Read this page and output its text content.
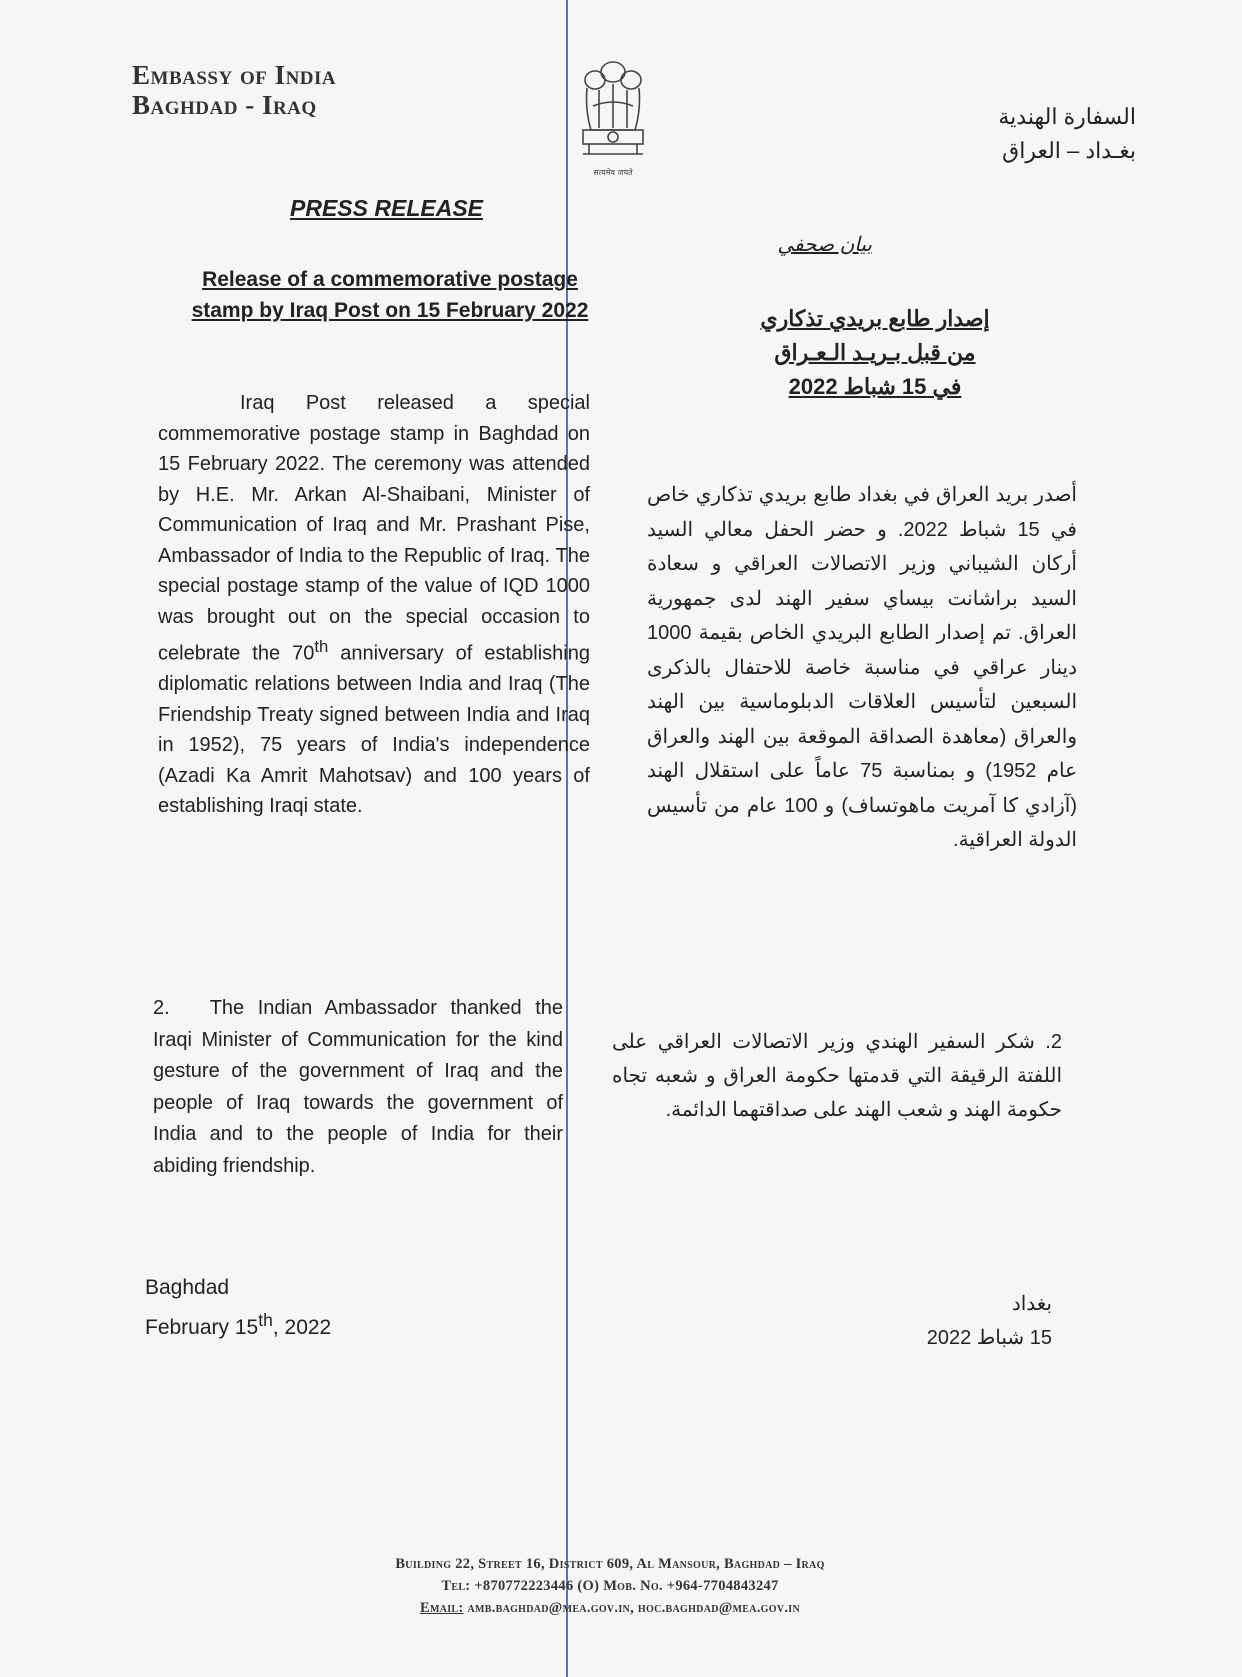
Embassy of India
Baghdad - Iraq
सत्यमेव जयते
السفارة الهندية
بغـداد – العراق
PRESS RELEASE
Release of a commemorative postage stamp by Iraq Post on 15 February 2022
Iraq Post released a special commemorative postage stamp in Baghdad on 15 February 2022. The ceremony was attended by H.E. Mr. Arkan Al-Shaibani, Minister of Communication of Iraq and Mr. Prashant Pise, Ambassador of India to the Republic of Iraq. The special postage stamp of the value of IQD 1000 was brought out on the special occasion to celebrate the 70th anniversary of establishing diplomatic relations between India and Iraq (The Friendship Treaty signed between India and Iraq in 1952), 75 years of India's independence (Azadi Ka Amrit Mahotsav) and 100 years of establishing Iraqi state.
2. The Indian Ambassador thanked the Iraqi Minister of Communication for the kind gesture of the government of Iraq and the people of Iraq towards the government of India and to the people of India for their abiding friendship.
Baghdad
February 15th, 2022
بيان صحفي
إصدار طابع بريدي تذكاري
من قبل بـريـد الـعـراق
في 15 شباط 2022
أصدر بريد العراق في بغداد طابع بريدي تذكاري خاص في 15 شباط 2022. و حضر الحفل معالي السيد أركان الشيباني وزير الاتصالات العراقي و سعادة السيد براشانت بيساي سفير الهند لدى جمهورية العراق. تم إصدار الطابع البريدي الخاص بقيمة 1000 دينار عراقي في مناسبة خاصة للاحتفال بالذكرى السبعين لتأسيس العلاقات الدبلوماسية بين الهند والعراق (معاهدة الصداقة الموقعة بين الهند والعراق عام 1952) و بمناسبة 75 عاماً على استقلال الهند (آزادي كا آمريت ماهوتساف) و 100 عام من تأسيس الدولة العراقية.
2. شكر السفير الهندي وزير الاتصالات العراقي على اللفتة الرقيقة التي قدمتها حكومة العراق و شعبه تجاه حكومة الهند و شعب الهند على صداقتهما الدائمة.
بغداد
15 شباط 2022
Building 22, Street 16, District 609, Al Mansour, Baghdad – Iraq
Tel: +870772223446 (O) Mob. No. +964-7704843247
Email: amb.baghdad@mea.gov.in, hoc.baghdad@mea.gov.in
